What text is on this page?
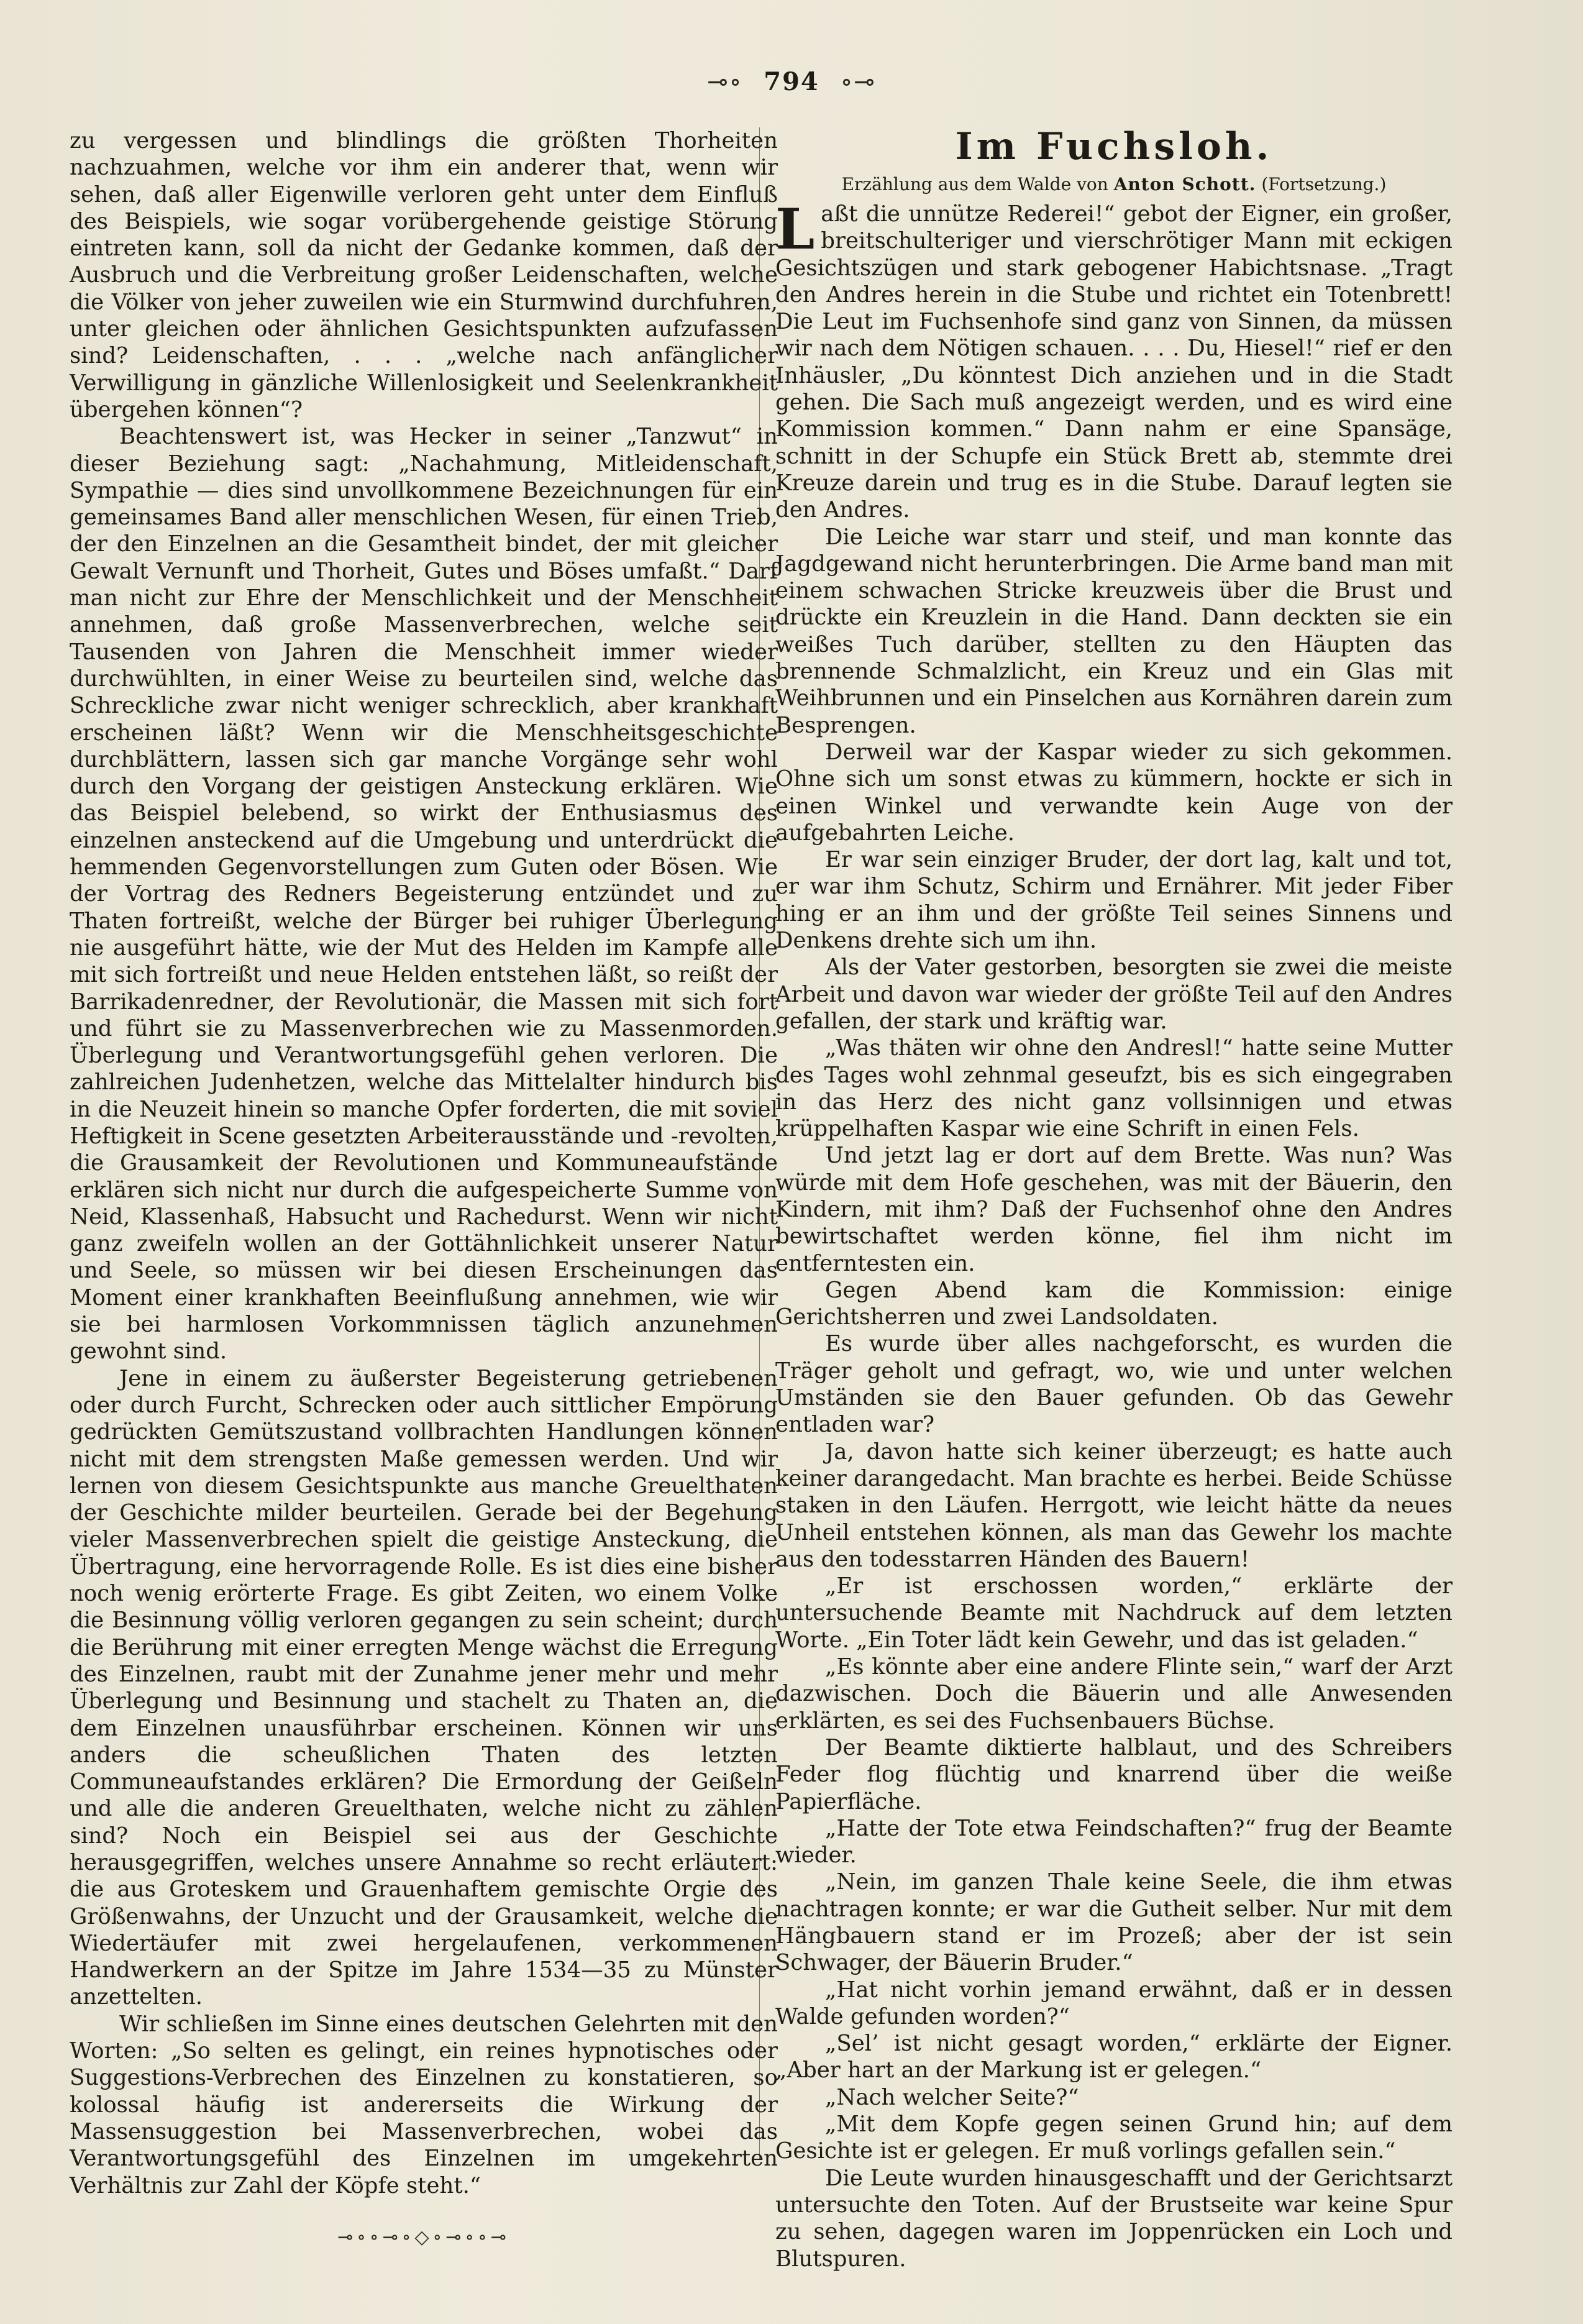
⊸∘ 794 ∘⊸

zu vergessen und blindlings die größten Thorheiten nachzuahmen, welche vor ihm ein anderer that, wenn wir sehen, daß aller Eigenwille verloren geht unter dem Einfluß des Beispiels, wie sogar vorübergehende geistige Störung eintreten kann, soll da nicht der Gedanke kommen, daß der Ausbruch und die Verbreitung großer Leidenschaften, welche die Völker von jeher zuweilen wie ein Sturmwind durchfuhren, unter gleichen oder ähnlichen Gesichtspunkten aufzufassen sind? Leidenschaften, . . . „welche nach anfänglicher Verwilligung in gänzliche Willenlosigkeit und Seelenkrankheit übergehen können“?

Beachtenswert ist, was Hecker in seiner „Tanzwut“ in dieser Beziehung sagt: „Nachahmung, Mitleidenschaft, Sympathie — dies sind unvollkommene Bezeichnungen für ein gemeinsames Band aller menschlichen Wesen, für einen Trieb, der den Einzelnen an die Gesamtheit bindet, der mit gleicher Gewalt Vernunft und Thorheit, Gutes und Böses umfaßt.“ Darf man nicht zur Ehre der Menschlichkeit und der Menschheit annehmen, daß große Massenverbrechen, welche seit Tausenden von Jahren die Menschheit immer wieder durchwühlten, in einer Weise zu beurteilen sind, welche das Schreckliche zwar nicht weniger schrecklich, aber krankhaft erscheinen läßt? Wenn wir die Menschheitsgeschichte durchblättern, lassen sich gar manche Vorgänge sehr wohl durch den Vorgang der geistigen Ansteckung erklären. Wie das Beispiel belebend, so wirkt der Enthusiasmus des einzelnen ansteckend auf die Umgebung und unterdrückt die hemmenden Gegenvorstellungen zum Guten oder Bösen. Wie der Vortrag des Redners Begeisterung entzündet und zu Thaten fortreißt, welche der Bürger bei ruhiger Überlegung nie ausgeführt hätte, wie der Mut des Helden im Kampfe alle mit sich fortreißt und neue Helden entstehen läßt, so reißt der Barrikadenredner, der Revolutionär, die Massen mit sich fort und führt sie zu Massenverbrechen wie zu Massenmorden. Überlegung und Verantwortungsgefühl gehen verloren. Die zahlreichen Judenhetzen, welche das Mittelalter hindurch bis in die Neuzeit hinein so manche Opfer forderten, die mit soviel Heftigkeit in Scene gesetzten Arbeiterausstände und -revolten, die Grausamkeit der Revolutionen und Kommuneaufstände erklären sich nicht nur durch die aufgespeicherte Summe von Neid, Klassenhaß, Habsucht und Rachedurst. Wenn wir nicht ganz zweifeln wollen an der Gottähnlichkeit unserer Natur und Seele, so müssen wir bei diesen Erscheinungen das Moment einer krankhaften Beeinflußung annehmen, wie wir sie bei harmlosen Vorkommnissen täglich anzunehmen gewohnt sind.

Jene in einem zu äußerster Begeisterung getriebenen oder durch Furcht, Schrecken oder auch sittlicher Empörung gedrückten Gemütszustand vollbrachten Handlungen können nicht mit dem strengsten Maße gemessen werden. Und wir lernen von diesem Gesichtspunkte aus manche Greuelthaten der Geschichte milder beurteilen. Gerade bei der Begehung vieler Massenverbrechen spielt die geistige Ansteckung, die Übertragung, eine hervorragende Rolle. Es ist dies eine bisher noch wenig erörterte Frage. Es gibt Zeiten, wo einem Volke die Besinnung völlig verloren gegangen zu sein scheint; durch die Berührung mit einer erregten Menge wächst die Erregung des Einzelnen, raubt mit der Zunahme jener mehr und mehr Überlegung und Besinnung und stachelt zu Thaten an, die dem Einzelnen unausführbar erscheinen. Können wir uns anders die scheußlichen Thaten des letzten Communeaufstandes erklären? Die Ermordung der Geißeln und alle die anderen Greuelthaten, welche nicht zu zählen sind? Noch ein Beispiel sei aus der Geschichte herausgegriffen, welches unsere Annahme so recht erläutert: die aus Groteskem und Grauenhaftem gemischte Orgie des Größenwahns, der Unzucht und der Grausamkeit, welche die Wiedertäufer mit zwei hergelaufenen, verkommenen Handwerkern an der Spitze im Jahre 1534—35 zu Münster anzettelten.

Wir schließen im Sinne eines deutschen Gelehrten mit den Worten: „So selten es gelingt, ein reines hypnotisches oder Suggestions-Verbrechen des Einzelnen zu konstatieren, so kolossal häufig ist andererseits die Wirkung der Massensuggestion bei Massenverbrechen, wobei das Verantwortungsgefühl des Einzelnen im umgekehrten Verhältnis zur Zahl der Köpfe steht.“

⊸∘∘⊸∘◇∘⊸∘∘⊸
Im Fuchsloh.
Erzählung aus dem Walde von Anton Schott. (Fortsetzung.)

Laßt die unnütze Rederei!“ gebot der Eigner, ein großer, breitschulteriger und vierschrötiger Mann mit eckigen Gesichtszügen und stark gebogener Habichtsnase. „Tragt den Andres herein in die Stube und richtet ein Totenbrett! Die Leut im Fuchsenhofe sind ganz von Sinnen, da müssen wir nach dem Nötigen schauen. . . . Du, Hiesel!“ rief er den Inhäusler, „Du könntest Dich anziehen und in die Stadt gehen. Die Sach muß angezeigt werden, und es wird eine Kommission kommen.“ Dann nahm er eine Spansäge, schnitt in der Schupfe ein Stück Brett ab, stemmte drei Kreuze darein und trug es in die Stube. Darauf legten sie den Andres.

Die Leiche war starr und steif, und man konnte das Jagdgewand nicht herunterbringen. Die Arme band man mit einem schwachen Stricke kreuzweis über die Brust und drückte ein Kreuzlein in die Hand. Dann deckten sie ein weißes Tuch darüber, stellten zu den Häupten das brennende Schmalzlicht, ein Kreuz und ein Glas mit Weihbrunnen und ein Pinselchen aus Kornähren darein zum Besprengen.

Derweil war der Kaspar wieder zu sich gekommen. Ohne sich um sonst etwas zu kümmern, hockte er sich in einen Winkel und verwandte kein Auge von der aufgebahrten Leiche.

Er war sein einziger Bruder, der dort lag, kalt und tot, er war ihm Schutz, Schirm und Ernährer. Mit jeder Fiber hing er an ihm und der größte Teil seines Sinnens und Denkens drehte sich um ihn.

Als der Vater gestorben, besorgten sie zwei die meiste Arbeit und davon war wieder der größte Teil auf den Andres gefallen, der stark und kräftig war.

„Was thäten wir ohne den Andresl!“ hatte seine Mutter des Tages wohl zehnmal geseufzt, bis es sich eingegraben in das Herz des nicht ganz vollsinnigen und etwas krüppelhaften Kaspar wie eine Schrift in einen Fels.

Und jetzt lag er dort auf dem Brette. Was nun? Was würde mit dem Hofe geschehen, was mit der Bäuerin, den Kindern, mit ihm? Daß der Fuchsenhof ohne den Andres bewirtschaftet werden könne, fiel ihm nicht im entferntesten ein.

Gegen Abend kam die Kommission: einige Gerichtsherren und zwei Landsoldaten.

Es wurde über alles nachgeforscht, es wurden die Träger geholt und gefragt, wo, wie und unter welchen Umständen sie den Bauer gefunden. Ob das Gewehr entladen war?

Ja, davon hatte sich keiner überzeugt; es hatte auch keiner darangedacht. Man brachte es herbei. Beide Schüsse staken in den Läufen. Herrgott, wie leicht hätte da neues Unheil entstehen können, als man das Gewehr los machte aus den todesstarren Händen des Bauern!

„Er ist erschossen worden,“ erklärte der untersuchende Beamte mit Nachdruck auf dem letzten Worte. „Ein Toter lädt kein Gewehr, und das ist geladen.“

„Es könnte aber eine andere Flinte sein,“ warf der Arzt dazwischen. Doch die Bäuerin und alle Anwesenden erklärten, es sei des Fuchsenbauers Büchse.

Der Beamte diktierte halblaut, und des Schreibers Feder flog flüchtig und knarrend über die weiße Papierfläche.

„Hatte der Tote etwa Feindschaften?“ frug der Beamte wieder.

„Nein, im ganzen Thale keine Seele, die ihm etwas nachtragen konnte; er war die Gutheit selber. Nur mit dem Hängbauern stand er im Prozeß; aber der ist sein Schwager, der Bäuerin Bruder.“

„Hat nicht vorhin jemand erwähnt, daß er in dessen Walde gefunden worden?“

„Sel’ ist nicht gesagt worden,“ erklärte der Eigner. „Aber hart an der Markung ist er gelegen.“

„Nach welcher Seite?“

„Mit dem Kopfe gegen seinen Grund hin; auf dem Gesichte ist er gelegen. Er muß vorlings gefallen sein.“

Die Leute wurden hinausgeschafft und der Gerichtsarzt untersuchte den Toten. Auf der Brustseite war keine Spur zu sehen, dagegen waren im Joppenrücken ein Loch und Blutspuren.
